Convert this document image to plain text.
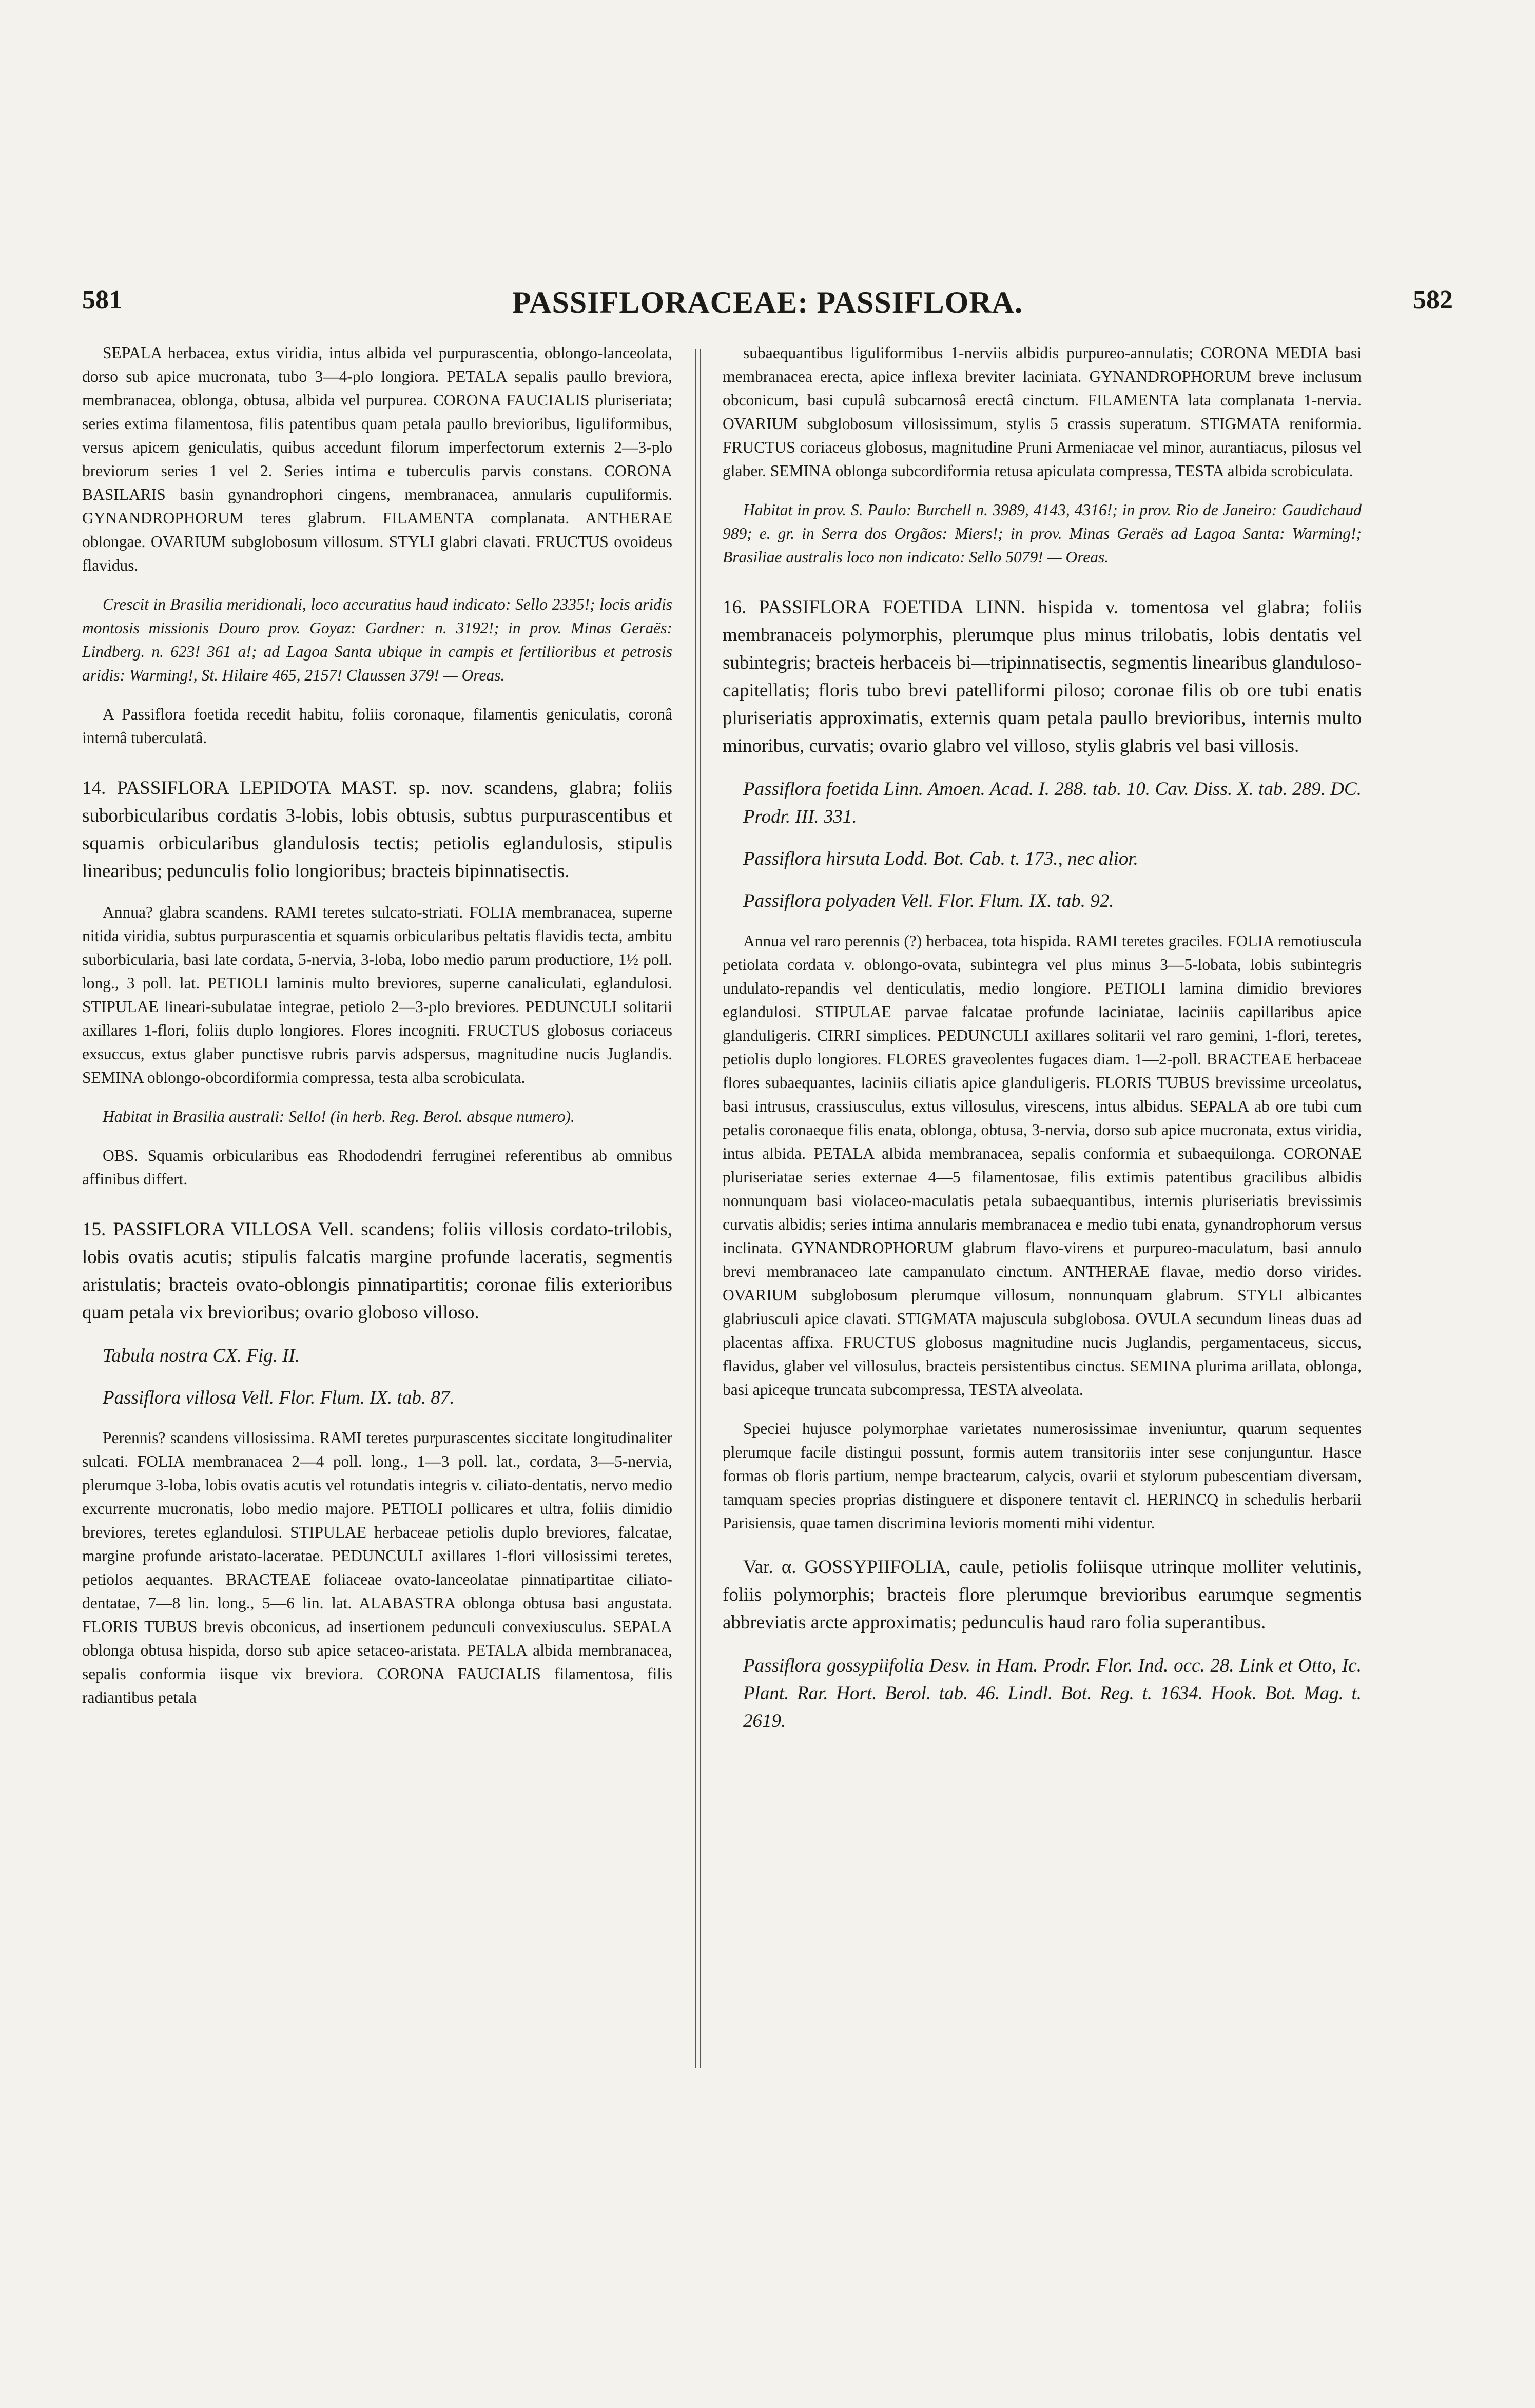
581	PASSIFLORACEAE: PASSIFLORA.	582

SEPALA herbacea, extus viridia, intus albida vel purpurascentia, oblongo-lanceolata, dorso sub apice mucronata, tubo 3—4-plo longiora. PETALA sepalis paullo breviora, membranacea, oblonga, obtusa, albida vel purpurea. CORONA FAUCIALIS pluriseriata; series extima filamentosa, filis patentibus quam petala paullo brevioribus, liguliformibus, versus apicem geniculatis, quibus accedunt filorum imperfectorum externis 2—3-plo breviorum series 1 vel 2. Series intima e tuberculis parvis constans. CORONA BASILARIS basin gynandrophori cingens, membranacea, annularis cupuliformis. GYNANDROPHORUM teres glabrum. FILAMENTA complanata. ANTHERAE oblongae. OVARIUM subglobosum villosum. STYLI glabri clavati. FRUCTUS ovoideus flavidus.

Crescit in Brasilia meridionali, loco accuratius haud indicato: Sello 2335!; locis aridis montosis missionis Douro prov. Goyaz: Gardner: n. 3192!; in prov. Minas Geraës: Lindberg. n. 623! 361 a!; ad Lagoa Santa ubique in campis et fertilioribus et petrosis aridis: Warming!, St. Hilaire 465, 2157! Claussen 379! — Oreas.

A Passiflora foetida recedit habitu, foliis coronaque, filamentis geniculatis, coronâ internâ tuberculatâ.

14. PASSIFLORA LEPIDOTA MAST. sp. nov. scandens, glabra; foliis suborbicularibus cordatis 3-lobis, lobis obtusis, subtus purpurascentibus et squamis orbicularibus glandulosis tectis; petiolis eglandulosis, stipulis linearibus; pedunculis folio longioribus; bracteis bipinnatisectis.

Annua? glabra scandens. RAMI teretes sulcato-striati. FOLIA membranacea, superne nitida viridia, subtus purpurascentia et squamis orbicularibus peltatis flavidis tecta, ambitu suborbicularia, basi late cordata, 5-nervia, 3-loba, lobo medio parum productiore, 1½ poll. long., 3 poll. lat. PETIOLI laminis multo breviores, superne canaliculati, eglandulosi. STIPULAE lineari-subulatae integrae, petiolo 2—3-plo breviores. PEDUNCULI solitarii axillares 1-flori, foliis duplo longiores. Flores incogniti. FRUCTUS globosus coriaceus exsuccus, extus glaber punctisve rubris parvis adspersus, magnitudine nucis Juglandis. SEMINA oblongo-obcordiformia compressa, testa alba scrobiculata.

Habitat in Brasilia australi: Sello! (in herb. Reg. Berol. absque numero).

OBS. Squamis orbicularibus eas Rhododendri ferruginei referentibus ab omnibus affinibus differt.

15. PASSIFLORA VILLOSA Vell. scandens; foliis villosis cordato-trilobis, lobis ovatis acutis; stipulis falcatis margine profunde laceratis, segmentis aristulatis; bracteis ovato-oblongis pinnatipartitis; coronae filis exterioribus quam petala vix brevioribus; ovario globoso villoso.

Tabula nostra CX. Fig. II.

Passiflora villosa Vell. Flor. Flum. IX. tab. 87.

Perennis? scandens villosissima. RAMI teretes purpurascentes siccitate longitudinaliter sulcati. FOLIA membranacea 2—4 poll. long., 1—3 poll. lat., cordata, 3—5-nervia, plerumque 3-loba, lobis ovatis acutis vel rotundatis integris v. ciliato-dentatis, nervo medio excurrente mucronatis, lobo medio majore. PETIOLI pollicares et ultra, foliis dimidio breviores, teretes eglandulosi. STIPULAE herbaceae petiolis duplo breviores, falcatae, margine profunde aristato-laceratae. PEDUNCULI axillares 1-flori villosissimi teretes, petiolos aequantes. BRACTEAE foliaceae ovato-lanceolatae pinnatipartitae ciliato-dentatae, 7—8 lin. long., 5—6 lin. lat. ALABASTRA oblonga obtusa basi angustata. FLORIS TUBUS brevis obconicus, ad insertionem pedunculi convexiusculus. SEPALA oblonga obtusa hispida, dorso sub apice setaceo-aristata. PETALA albida membranacea, sepalis conformia iisque vix breviora. CORONA FAUCIALIS filamentosa, filis radiantibus petala

subaequantibus liguliformibus 1-nerviis albidis purpureo-annulatis; CORONA MEDIA basi membranacea erecta, apice inflexa breviter laciniata. GYNANDROPHORUM breve inclusum obconicum, basi cupulâ subcarnosâ erectâ cinctum. FILAMENTA lata complanata 1-nervia. OVARIUM subglobosum villosissimum, stylis 5 crassis superatum. STIGMATA reniformia. FRUCTUS coriaceus globosus, magnitudine Pruni Armeniacae vel minor, aurantiacus, pilosus vel glaber. SEMINA oblonga subcordiformia retusa apiculata compressa, TESTA albida scrobiculata.

Habitat in prov. S. Paulo: Burchell n. 3989, 4143, 4316!; in prov. Rio de Janeiro: Gaudichaud 989; e. gr. in Serra dos Orgãos: Miers!; in prov. Minas Geraës ad Lagoa Santa: Warming!; Brasiliae australis loco non indicato: Sello 5079! — Oreas.

16. PASSIFLORA FOETIDA LINN. hispida v. tomentosa vel glabra; foliis membranaceis polymorphis, plerumque plus minus trilobatis, lobis dentatis vel subintegris; bracteis herbaceis bi—tripinnatisectis, segmentis linearibus glanduloso-capitellatis; floris tubo brevi patelliformi piloso; coronae filis ob ore tubi enatis pluriseriatis approximatis, externis quam petala paullo brevioribus, internis multo minoribus, curvatis; ovario glabro vel villoso, stylis glabris vel basi villosis.

Passiflora foetida Linn. Amoen. Acad. I. 288. tab. 10. Cav. Diss. X. tab. 289. DC. Prodr. III. 331.

Passiflora hirsuta Lodd. Bot. Cab. t. 173., nec alior.

Passiflora polyaden Vell. Flor. Flum. IX. tab. 92.

Annua vel raro perennis (?) herbacea, tota hispida. RAMI teretes graciles. FOLIA remotiuscula petiolata cordata v. oblongo-ovata, subintegra vel plus minus 3—5-lobata, lobis subintegris undulato-repandis vel denticulatis, medio longiore. PETIOLI lamina dimidio breviores eglandulosi. STIPULAE parvae falcatae profunde laciniatae, laciniis capillaribus apice glanduligeris. CIRRI simplices. PEDUNCULI axillares solitarii vel raro gemini, 1-flori, teretes, petiolis duplo longiores. FLORES graveolentes fugaces diam. 1—2-poll. BRACTEAE herbaceae flores subaequantes, laciniis ciliatis apice glanduligeris. FLORIS TUBUS brevissime urceolatus, basi intrusus, crassiusculus, extus villosulus, virescens, intus albidus. SEPALA ab ore tubi cum petalis coronaeque filis enata, oblonga, obtusa, 3-nervia, dorso sub apice mucronata, extus viridia, intus albida. PETALA albida membranacea, sepalis conformia et subaequilonga. CORONAE pluriseriatae series externae 4—5 filamentosae, filis extimis patentibus gracilibus albidis nonnunquam basi violaceo-maculatis petala subaequantibus, internis pluriseriatis brevissimis curvatis albidis; series intima annularis membranacea e medio tubi enata, gynandrophorum versus inclinata. GYNANDROPHORUM glabrum flavo-virens et purpureo-maculatum, basi annulo brevi membranaceo late campanulato cinctum. ANTHERAE flavae, medio dorso virides. OVARIUM subglobosum plerumque villosum, nonnunquam glabrum. STYLI albicantes glabriusculi apice clavati. STIGMATA majuscula subglobosa. OVULA secundum lineas duas ad placentas affixa. FRUCTUS globosus magnitudine nucis Juglandis, pergamentaceus, siccus, flavidus, glaber vel villosulus, bracteis persistentibus cinctus. SEMINA plurima arillata, oblonga, basi apiceque truncata subcompressa, TESTA alveolata.

Speciei hujusce polymorphae varietates numerosissimae inveniuntur, quarum sequentes plerumque facile distingui possunt, formis autem transitoriis inter sese conjunguntur. Hasce formas ob floris partium, nempe bractearum, calycis, ovarii et stylorum pubescentiam diversam, tamquam species proprias distinguere et disponere tentavit cl. HERINCQ in schedulis herbarii Parisiensis, quae tamen discrimina levioris momenti mihi videntur.

Var. α. GOSSYPIIFOLIA, caule, petiolis foliisque utrinque molliter velutinis, foliis polymorphis; bracteis flore plerumque brevioribus earumque segmentis abbreviatis arcte approximatis; pedunculis haud raro folia superantibus.

Passiflora gossypiifolia Desv. in Ham. Prodr. Flor. Ind. occ. 28. Link et Otto, Ic. Plant. Rar. Hort. Berol. tab. 46. Lindl. Bot. Reg. t. 1634. Hook. Bot. Mag. t. 2619.
